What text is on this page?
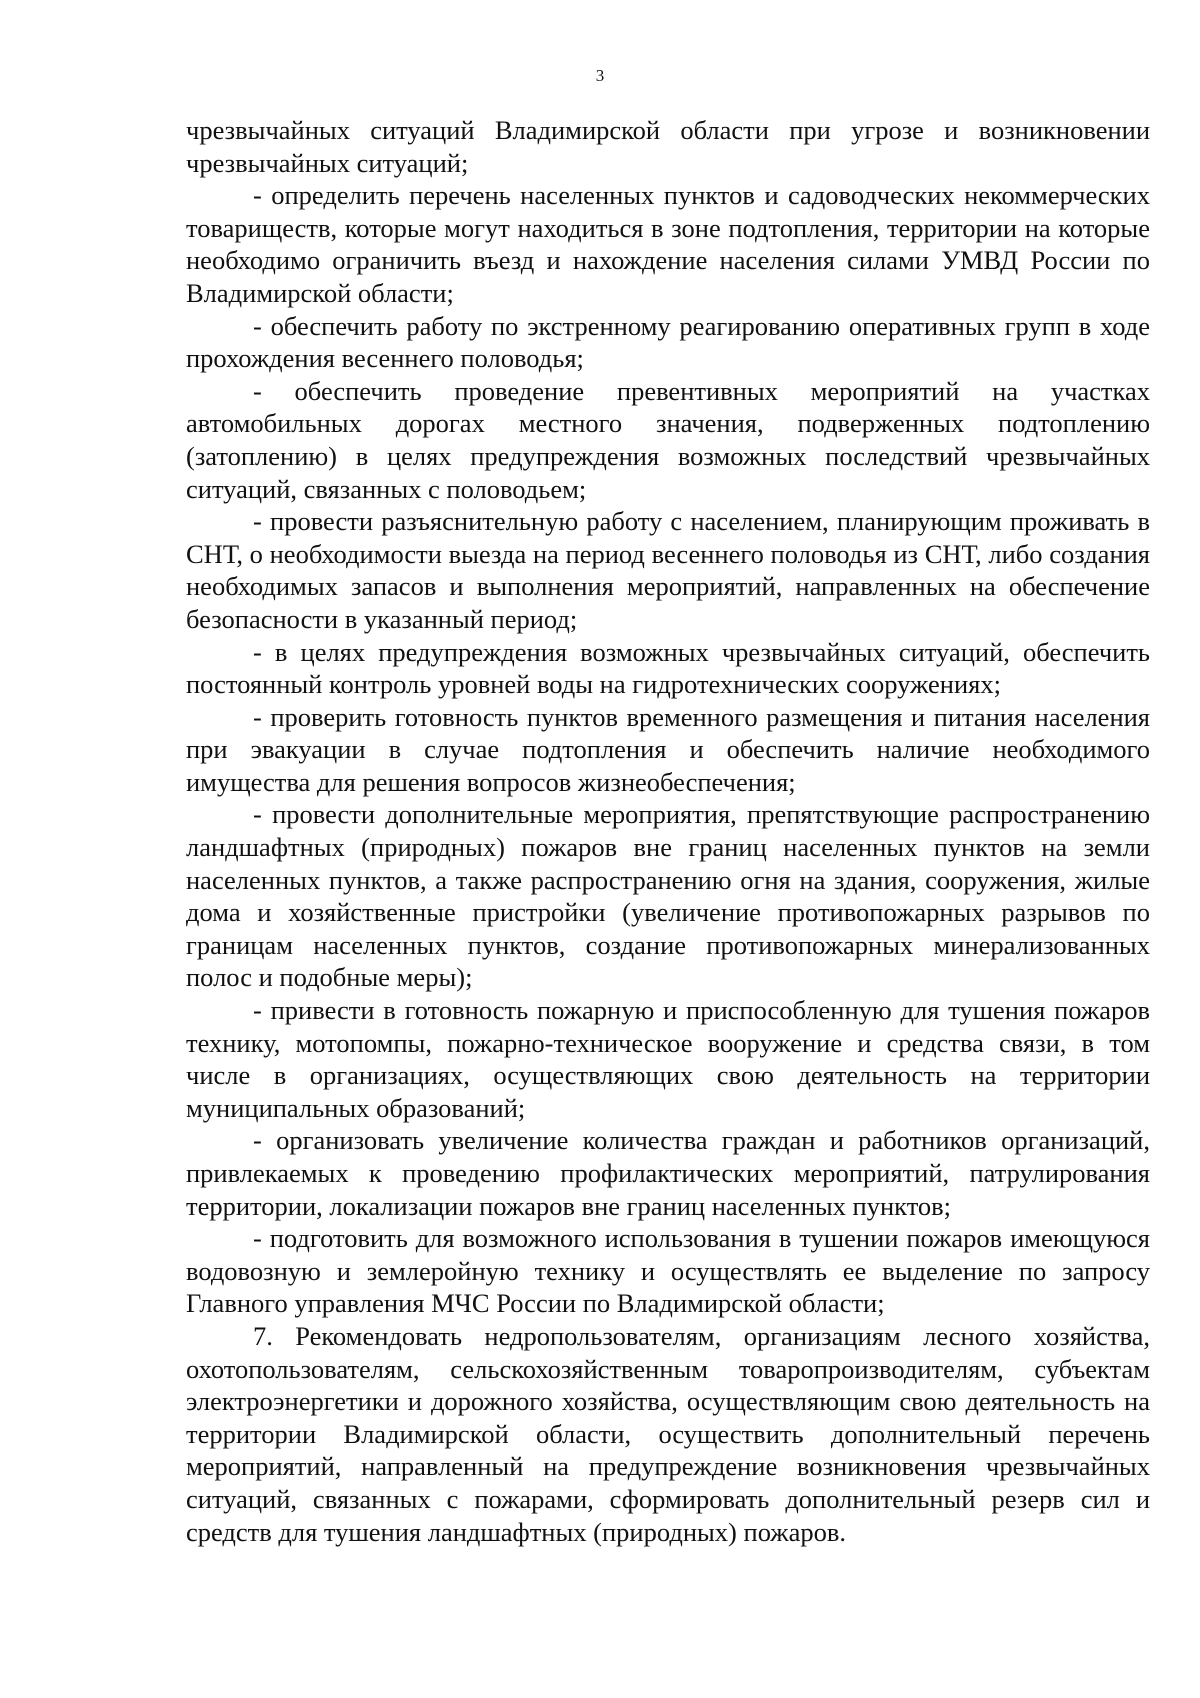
3

чрезвычайных ситуаций Владимирской области при угрозе и возникновении чрезвычайных ситуаций;

- определить перечень населенных пунктов и садоводческих некоммерческих товариществ, которые могут находиться в зоне подтопления, территории на которые необходимо ограничить въезд и нахождение населения силами УМВД России по Владимирской области;

- обеспечить работу по экстренному реагированию оперативных групп в ходе прохождения весеннего половодья;

- обеспечить проведение превентивных мероприятий на участках автомобильных дорогах местного значения, подверженных подтоплению (затоплению) в целях предупреждения возможных последствий чрезвычайных ситуаций, связанных с половодьем;

- провести разъяснительную работу с населением, планирующим проживать в СНТ, о необходимости выезда на период весеннего половодья из СНТ, либо создания необходимых запасов и выполнения мероприятий, направленных на обеспечение безопасности в указанный период;

- в целях предупреждения возможных чрезвычайных ситуаций, обеспечить постоянный контроль уровней воды на гидротехнических сооружениях;

- проверить готовность пунктов временного размещения и питания населения при эвакуации в случае подтопления и обеспечить наличие необходимого имущества для решения вопросов жизнеобеспечения;

- провести дополнительные мероприятия, препятствующие распространению ландшафтных (природных) пожаров вне границ населенных пунктов на земли населенных пунктов, а также распространению огня на здания, сооружения, жилые дома и хозяйственные пристройки (увеличение противопожарных разрывов по границам населенных пунктов, создание противопожарных минерализованных полос и подобные меры);

- привести в готовность пожарную и приспособленную для тушения пожаров технику, мотопомпы, пожарно-техническое вооружение и средства связи, в том числе в организациях, осуществляющих свою деятельность на территории муниципальных образований;

- организовать увеличение количества граждан и работников организаций, привлекаемых к проведению профилактических мероприятий, патрулирования территории, локализации пожаров вне границ населенных пунктов;

- подготовить для возможного использования в тушении пожаров имеющуюся водовозную и землеройную технику и осуществлять ее выделение по запросу Главного управления МЧС России по Владимирской области;

7. Рекомендовать недропользователям, организациям лесного хозяйства, охотопользователям, сельскохозяйственным товаропроизводителям, субъектам электроэнергетики и дорожного хозяйства, осуществляющим свою деятельность на территории Владимирской области, осуществить дополнительный перечень мероприятий, направленный на предупреждение возникновения чрезвычайных ситуаций, связанных с пожарами, сформировать дополнительный резерв сил и средств для тушения ландшафтных (природных) пожаров.
